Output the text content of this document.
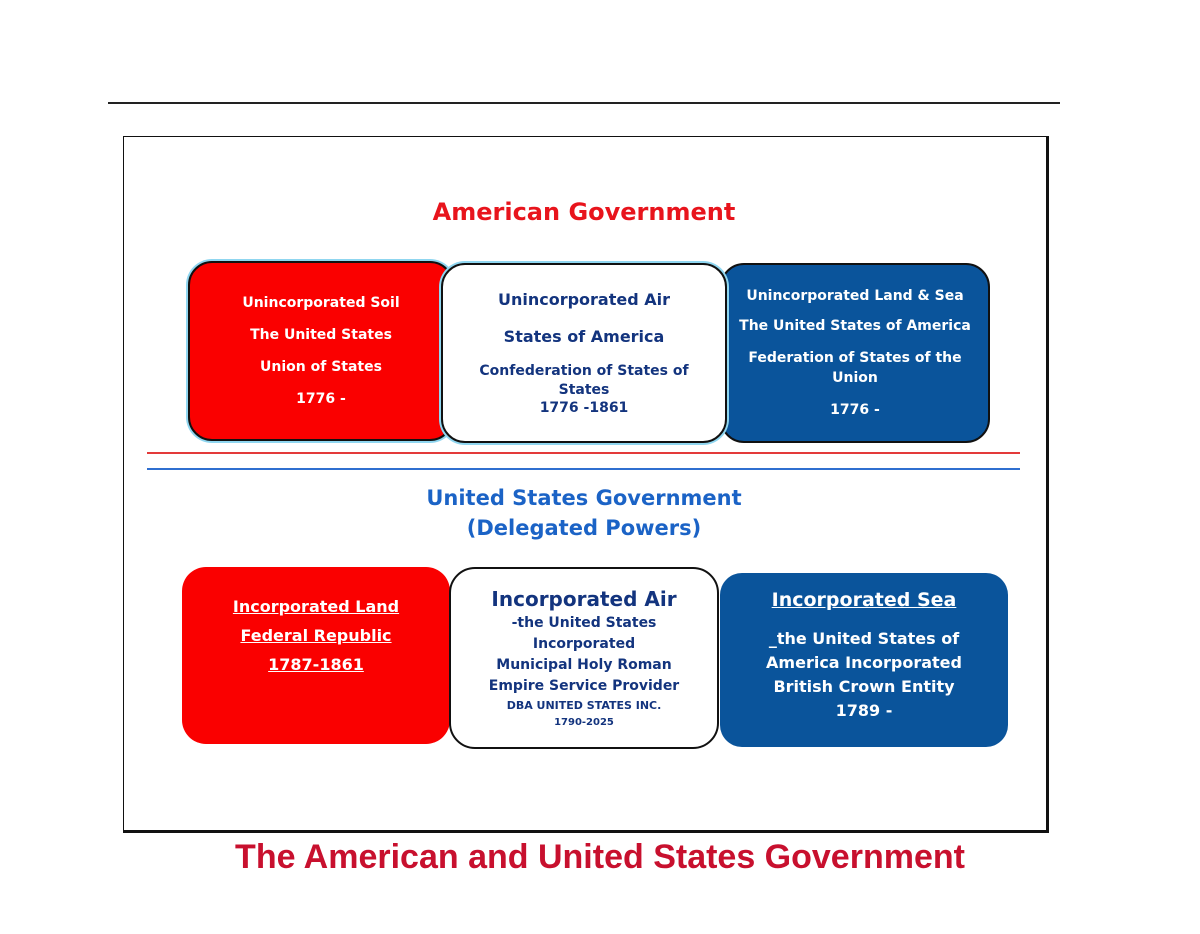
American Government
Unincorporated Soil
The United States
Union of States
1776 -
Unincorporated Air
States of America
Confederation of States of States
1776 -1861
Unincorporated Land & Sea
The United States of America
Federation of States of the Union
1776 -
United States Government
(Delegated Powers)
Incorporated Land
Federal Republic
1787-1861
Incorporated Air
-the United States
Incorporated
Municipal Holy Roman
Empire Service Provider
DBA UNITED STATES INC.
1790-2025
Incorporated Sea
_the United States of
America Incorporated
British Crown Entity
1789 -
The American and United States Government
